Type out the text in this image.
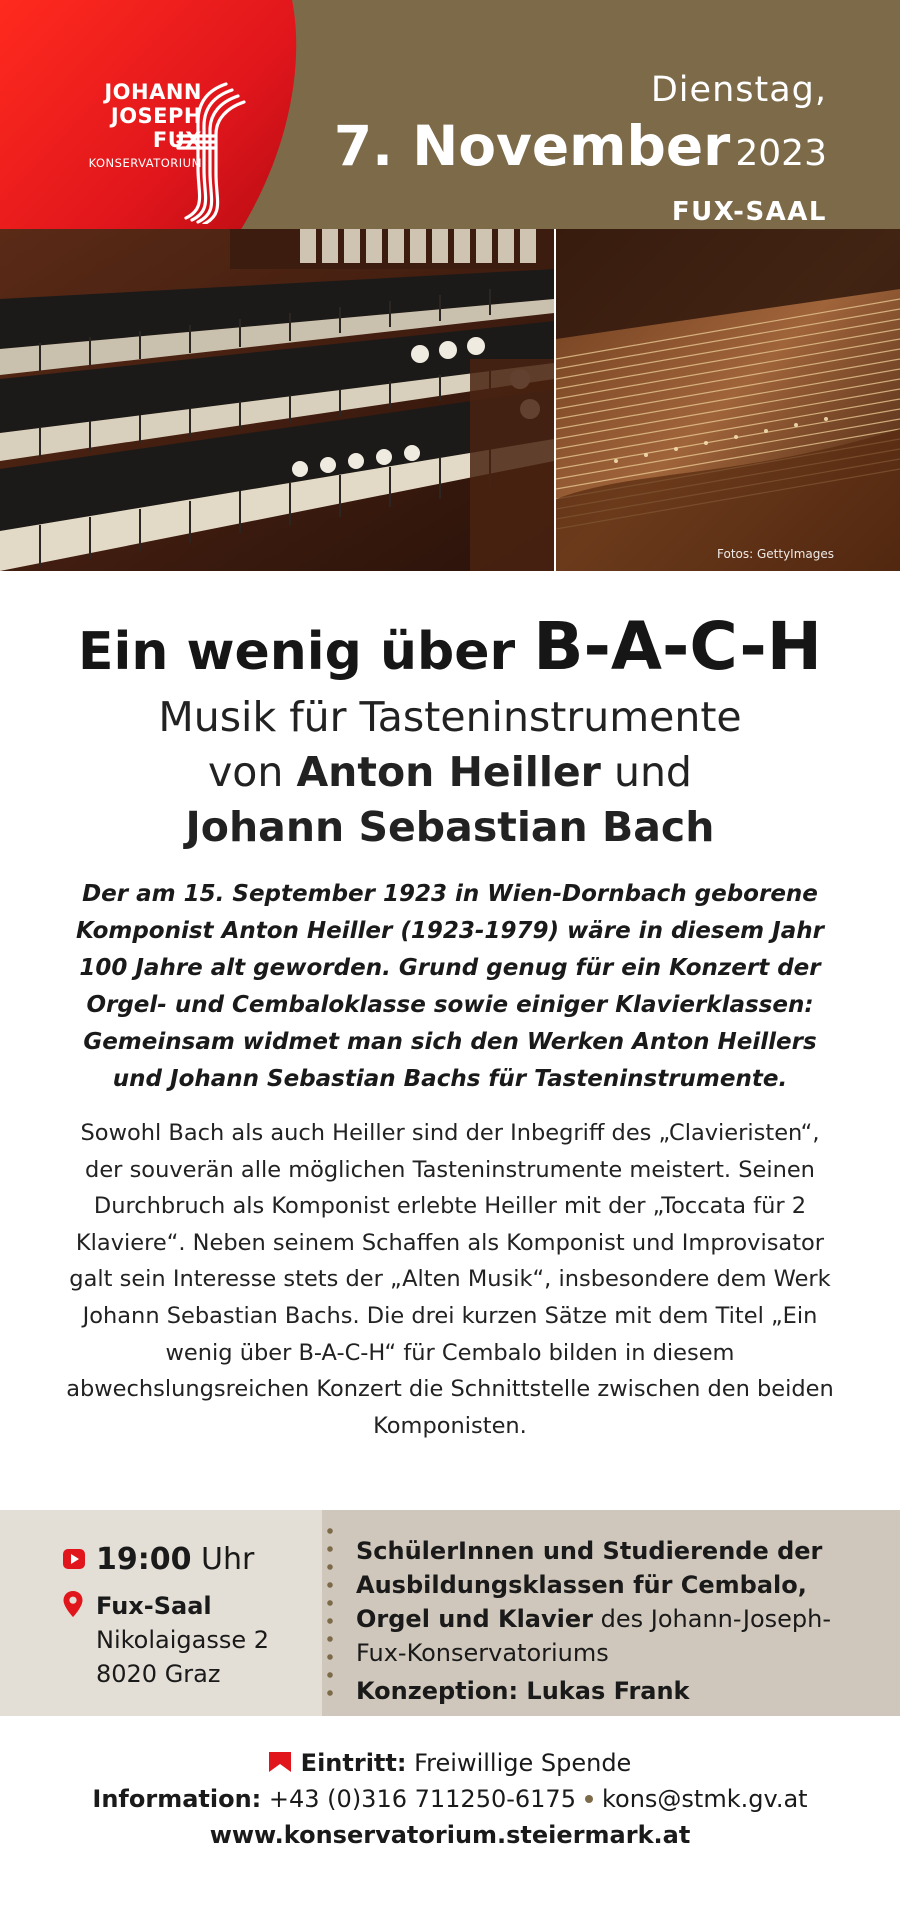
JOHANN
JOSEPH
FUX
KONSERVATORIUM
Dienstag,
7. November 2023
FUX-SAAL
Fotos: GettyImages
Ein wenig über B-A-C-H
Musik für Tasteninstrumente
von Anton Heiller und
Johann Sebastian Bach
Der am 15. September 1923 in Wien-Dornbach geborene Komponist Anton Heiller (1923-1979) wäre in diesem Jahr 100 Jahre alt geworden. Grund genug für ein Konzert der Orgel- und Cembaloklasse sowie einiger Klavierklassen: Gemeinsam widmet man sich den Werken Anton Heillers und Johann Sebastian Bachs für Tasteninstrumente.
Sowohl Bach als auch Heiller sind der Inbegriff des „Clavieristen“, der souverän alle möglichen Tasteninstrumente meistert. Seinen Durchbruch als Komponist erlebte Heiller mit der „Toccata für 2 Klaviere“. Neben seinem Schaffen als Komponist und Improvisator galt sein Interesse stets der „Alten Musik“, insbesondere dem Werk Johann Sebastian Bachs. Die drei kurzen Sätze mit dem Titel „Ein wenig über B-A-C-H“ für Cembalo bilden in diesem abwechslungsreichen Konzert die Schnittstelle zwischen den beiden Komponisten.
19:00 Uhr
Fux-Saal
Nikolaigasse 2
8020 Graz
SchülerInnen und Studierende der Ausbildungsklassen für Cembalo, Orgel und Klavier des Johann-Joseph-Fux-Konservatoriums
Konzeption: Lukas Frank
Eintritt: Freiwillige Spende
Information: +43 (0)316 711250-6175 kons@stmk.gv.at
www.konservatorium.steiermark.at
